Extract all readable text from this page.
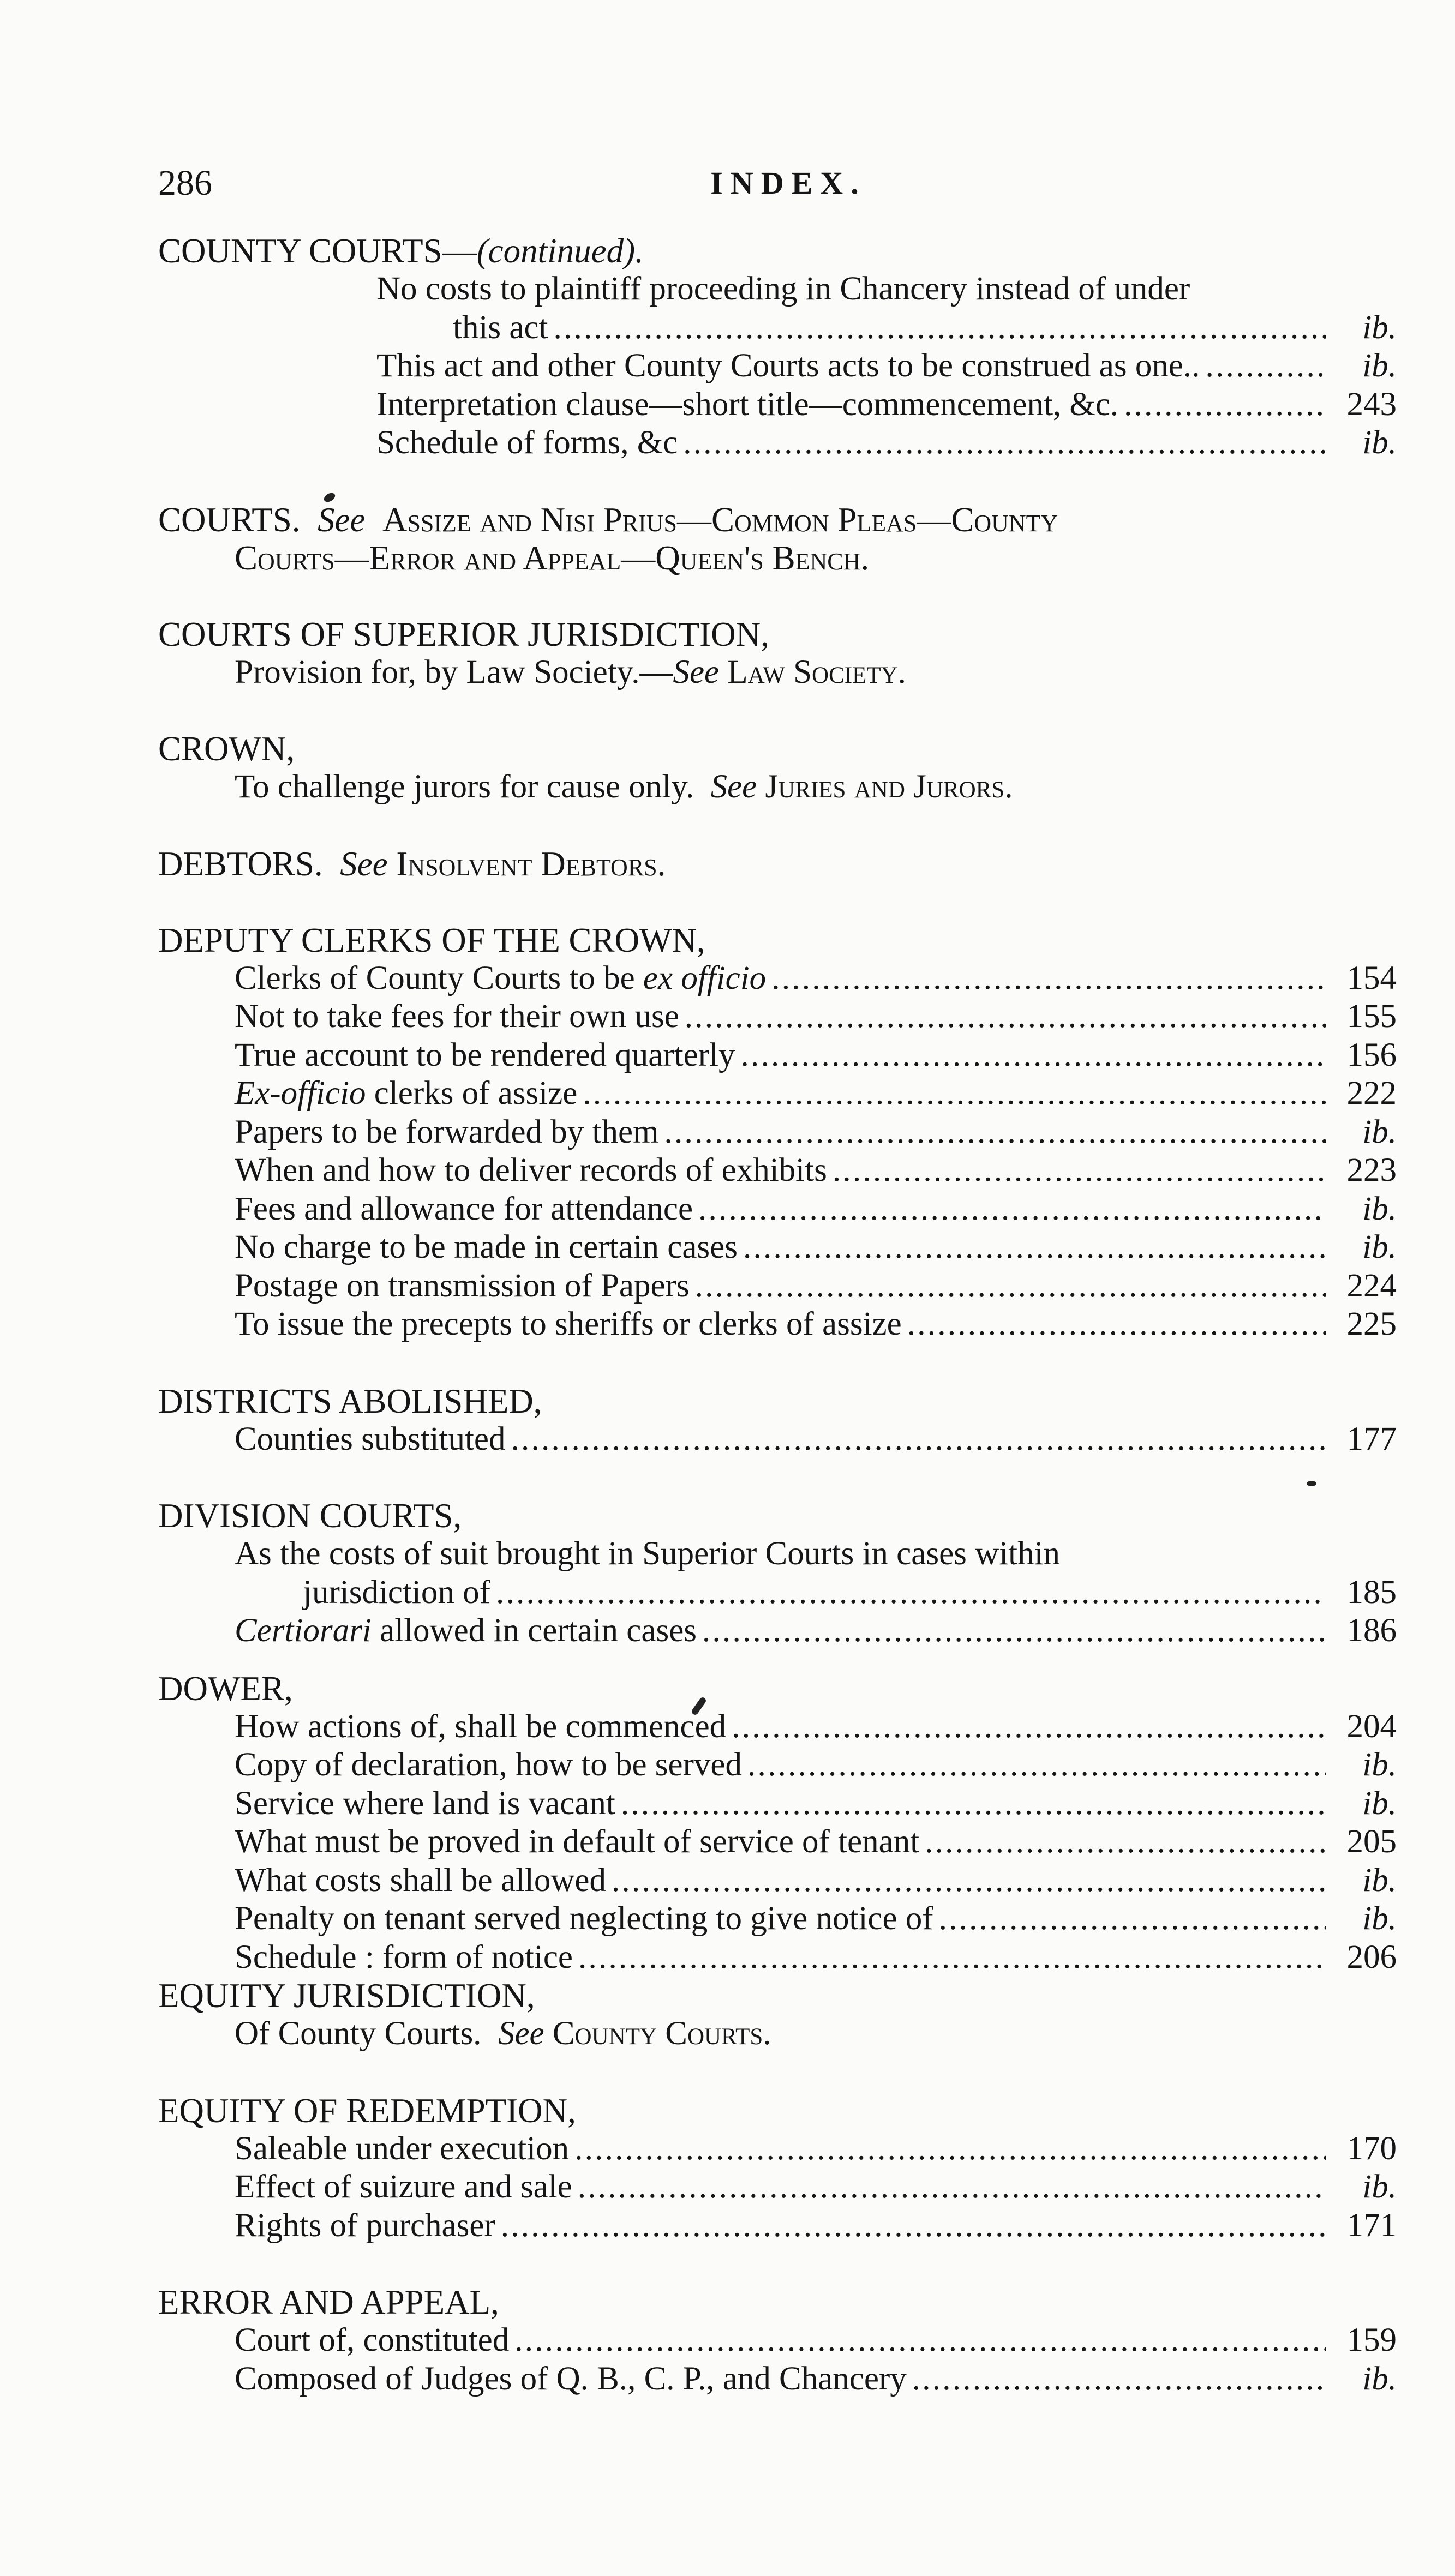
286	INDEX.
COUNTY COURTS—(continued).
No costs to plaintiff proceeding in Chancery instead of under
this act . . .	ib.
This act and other County Courts acts to be construed as one.. . . .	ib.
Interpretation clause—short title—commencement, &c. . . .	243
Schedule of forms, &c . . .	ib.
COURTS. See Assize and Nisi Prius—Common Pleas—County
Courts—Error and Appeal—Queen's Bench.
COURTS OF SUPERIOR JURISDICTION,
Provision for, by Law Society.—See Law Society.
CROWN,
To challenge jurors for cause only. See Juries and Jurors.
DEBTORS. See Insolvent Debtors.
DEPUTY CLERKS OF THE CROWN,
Clerks of County Courts to be ex officio . . .	154
Not to take fees for their own use . . .	155
True account to be rendered quarterly . . .	156
Ex-officio clerks of assize . . .	222
Papers to be forwarded by them . . .	ib.
When and how to deliver records of exhibits . . .	223
Fees and allowance for attendance . . .	ib.
No charge to be made in certain cases . . .	ib.
Postage on transmission of Papers . . .	224
To issue the precepts to sheriffs or clerks of assize . . .	225
DISTRICTS ABOLISHED,
Counties substituted . . .	177
DIVISION COURTS,
As the costs of suit brought in Superior Courts in cases within
jurisdiction of . . .	185
Certiorari allowed in certain cases . . .	186
DOWER,
How actions of, shall be commenced . . .	204
Copy of declaration, how to be served . . .	ib.
Service where land is vacant . . .	ib.
What must be proved in default of service of tenant . . .	205
What costs shall be allowed . . .	ib.
Penalty on tenant served neglecting to give notice of . . .	ib.
Schedule : form of notice . . .	206
EQUITY JURISDICTION,
Of County Courts. See County Courts.
EQUITY OF REDEMPTION,
Saleable under execution . . .	170
Effect of suizure and sale . . .	ib.
Rights of purchaser . . .	171
ERROR AND APPEAL,
Court of, constituted . . .	159
Composed of Judges of Q. B., C. P., and Chancery . . .	ib.
